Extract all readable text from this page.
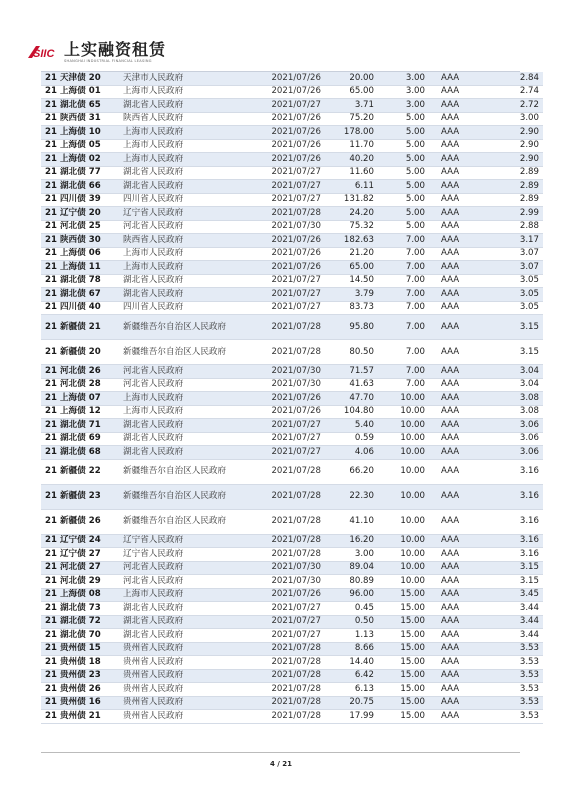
SIIC 上实融资租赁
SHANGHAI INDUSTRIAL FINANCIAL LEASING
21 天津债 20	天津市人民政府	2021/07/26	20.00	3.00	AAA	2.84
21 上海债 01	上海市人民政府	2021/07/26	65.00	3.00	AAA	2.74
21 湖北债 65	湖北省人民政府	2021/07/27	3.71	3.00	AAA	2.72
21 陕西债 31	陕西省人民政府	2021/07/26	75.20	5.00	AAA	3.00
21 上海债 10	上海市人民政府	2021/07/26	178.00	5.00	AAA	2.90
21 上海债 05	上海市人民政府	2021/07/26	11.70	5.00	AAA	2.90
21 上海债 02	上海市人民政府	2021/07/26	40.20	5.00	AAA	2.90
21 湖北债 77	湖北省人民政府	2021/07/27	11.60	5.00	AAA	2.89
21 湖北债 66	湖北省人民政府	2021/07/27	6.11	5.00	AAA	2.89
21 四川债 39	四川省人民政府	2021/07/27	131.82	5.00	AAA	2.89
21 辽宁债 20	辽宁省人民政府	2021/07/28	24.20	5.00	AAA	2.99
21 河北债 25	河北省人民政府	2021/07/30	75.32	5.00	AAA	2.88
21 陕西债 30	陕西省人民政府	2021/07/26	182.63	7.00	AAA	3.17
21 上海债 06	上海市人民政府	2021/07/26	21.20	7.00	AAA	3.07
21 上海债 11	上海市人民政府	2021/07/26	65.00	7.00	AAA	3.07
21 湖北债 78	湖北省人民政府	2021/07/27	14.50	7.00	AAA	3.05
21 湖北债 67	湖北省人民政府	2021/07/27	3.79	7.00	AAA	3.05
21 四川债 40	四川省人民政府	2021/07/27	83.73	7.00	AAA	3.05
21 新疆债 21	新疆维吾尔自治区人民政府	2021/07/28	95.80	7.00	AAA	3.15
21 新疆债 20	新疆维吾尔自治区人民政府	2021/07/28	80.50	7.00	AAA	3.15
21 河北债 26	河北省人民政府	2021/07/30	71.57	7.00	AAA	3.04
21 河北债 28	河北省人民政府	2021/07/30	41.63	7.00	AAA	3.04
21 上海债 07	上海市人民政府	2021/07/26	47.70	10.00	AAA	3.08
21 上海债 12	上海市人民政府	2021/07/26	104.80	10.00	AAA	3.08
21 湖北债 71	湖北省人民政府	2021/07/27	5.40	10.00	AAA	3.06
21 湖北债 69	湖北省人民政府	2021/07/27	0.59	10.00	AAA	3.06
21 湖北债 68	湖北省人民政府	2021/07/27	4.06	10.00	AAA	3.06
21 新疆债 22	新疆维吾尔自治区人民政府	2021/07/28	66.20	10.00	AAA	3.16
21 新疆债 23	新疆维吾尔自治区人民政府	2021/07/28	22.30	10.00	AAA	3.16
21 新疆债 26	新疆维吾尔自治区人民政府	2021/07/28	41.10	10.00	AAA	3.16
21 辽宁债 24	辽宁省人民政府	2021/07/28	16.20	10.00	AAA	3.16
21 辽宁债 27	辽宁省人民政府	2021/07/28	3.00	10.00	AAA	3.16
21 河北债 27	河北省人民政府	2021/07/30	89.04	10.00	AAA	3.15
21 河北债 29	河北省人民政府	2021/07/30	80.89	10.00	AAA	3.15
21 上海债 08	上海市人民政府	2021/07/26	96.00	15.00	AAA	3.45
21 湖北债 73	湖北省人民政府	2021/07/27	0.45	15.00	AAA	3.44
21 湖北债 72	湖北省人民政府	2021/07/27	0.50	15.00	AAA	3.44
21 湖北债 70	湖北省人民政府	2021/07/27	1.13	15.00	AAA	3.44
21 贵州债 15	贵州省人民政府	2021/07/28	8.66	15.00	AAA	3.53
21 贵州债 18	贵州省人民政府	2021/07/28	14.40	15.00	AAA	3.53
21 贵州债 23	贵州省人民政府	2021/07/28	6.42	15.00	AAA	3.53
21 贵州债 26	贵州省人民政府	2021/07/28	6.13	15.00	AAA	3.53
21 贵州债 16	贵州省人民政府	2021/07/28	20.75	15.00	AAA	3.53
21 贵州债 21	贵州省人民政府	2021/07/28	17.99	15.00	AAA	3.53
4 / 21
